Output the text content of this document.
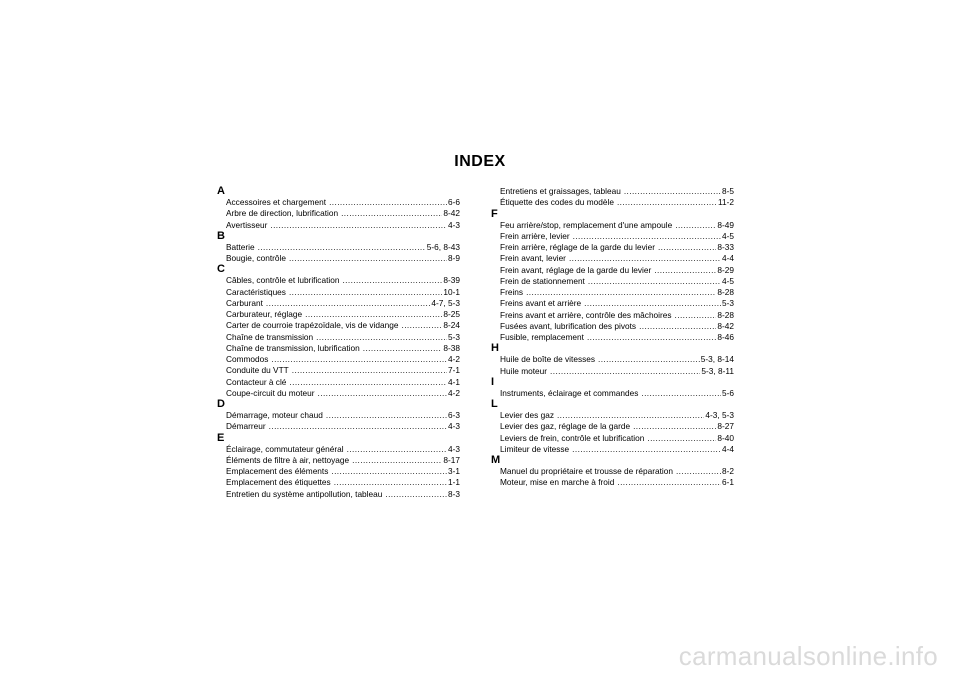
INDEX
A
Accessoires et chargement .....	6-6
Arbre de direction, lubrification .....	8-42
Avertisseur .....	4-3
B
Batterie .....	5-6, 8-43
Bougie, contrôle .....	8-9
C
Câbles, contrôle et lubrification .....	8-39
Caractéristiques .....	10-1
Carburant .....	4-7, 5-3
Carburateur, réglage .....	8-25
Carter de courroie trapézoïdale, vis de vidange .....	8-24
Chaîne de transmission .....	5-3
Chaîne de transmission, lubrification .....	8-38
Commodos .....	4-2
Conduite du VTT .....	7-1
Contacteur à clé .....	4-1
Coupe-circuit du moteur .....	4-2
D
Démarrage, moteur chaud .....	6-3
Démarreur .....	4-3
E
Éclairage, commutateur général .....	4-3
Éléments de filtre à air, nettoyage .....	8-17
Emplacement des éléments .....	3-1
Emplacement des étiquettes .....	1-1
Entretien du système antipollution, tableau .....	8-3
Entretiens et graissages, tableau .....	8-5
Étiquette des codes du modèle .....	11-2
F
Feu arrière/stop, remplacement d'une ampoule .....	8-49
Frein arrière, levier .....	4-5
Frein arrière, réglage de la garde du levier .....	8-33
Frein avant, levier .....	4-4
Frein avant, réglage de la garde du levier .....	8-29
Frein de stationnement .....	4-5
Freins .....	8-28
Freins avant et arrière .....	5-3
Freins avant et arrière, contrôle des mâchoires .....	8-28
Fusées avant, lubrification des pivots .....	8-42
Fusible, remplacement .....	8-46
H
Huile de boîte de vitesses .....	5-3, 8-14
Huile moteur .....	5-3, 8-11
I
Instruments, éclairage et commandes .....	5-6
L
Levier des gaz .....	4-3, 5-3
Levier des gaz, réglage de la garde .....	8-27
Leviers de frein, contrôle et lubrification .....	8-40
Limiteur de vitesse .....	4-4
M
Manuel du propriétaire et trousse de réparation .....	8-2
Moteur, mise en marche à froid .....	6-1
carmanualsonline.info
